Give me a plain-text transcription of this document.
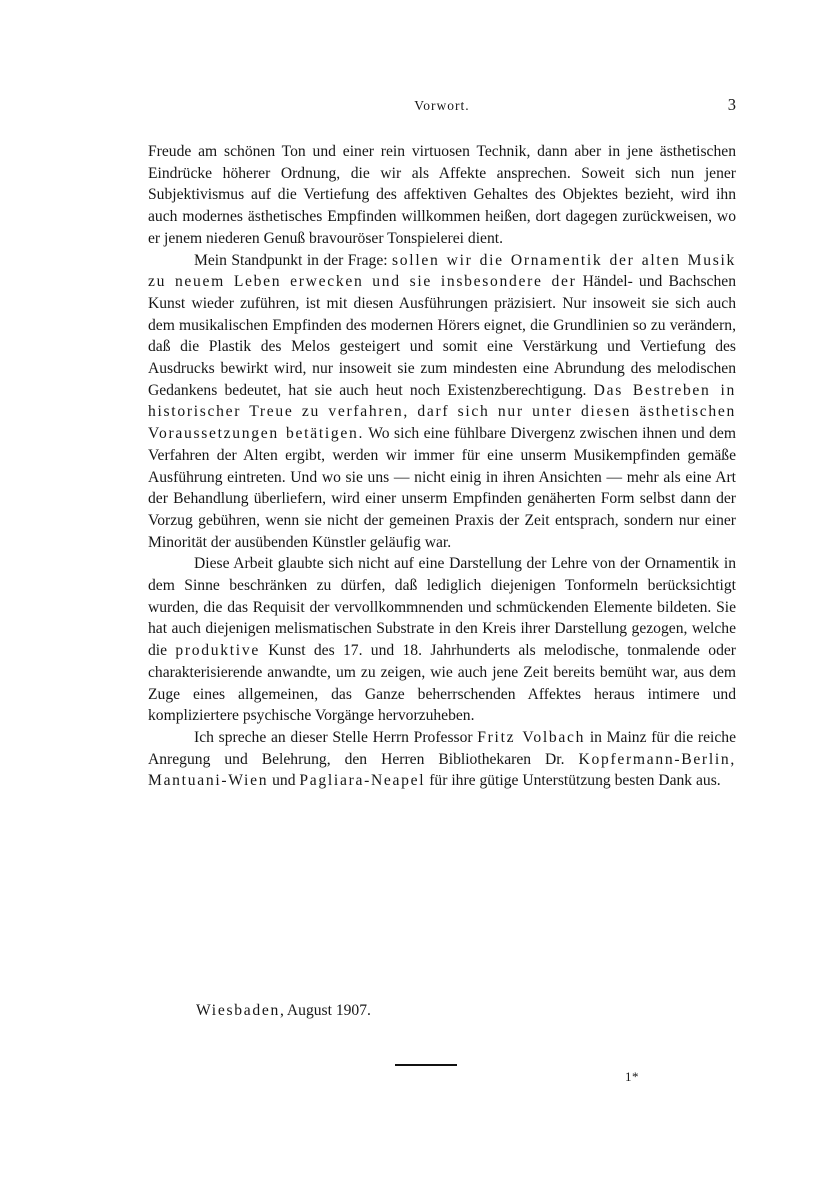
Vorwort.	3

Freude am schönen Ton und einer rein virtuosen Technik, dann aber in jene ästhetischen Eindrücke höherer Ordnung, die wir als Affekte ansprechen. Soweit sich nun jener Subjektivismus auf die Vertiefung des affektiven Gehaltes des Objektes bezieht, wird ihn auch modernes ästhetisches Empfinden willkommen heißen, dort dagegen zurückweisen, wo er jenem niederen Genuß bravouröser Tonspielerei dient.

Mein Standpunkt in der Frage: sollen wir die Ornamentik der alten Musik zu neuem Leben erwecken und sie insbesondere der Händel- und Bachschen Kunst wieder zuführen, ist mit diesen Ausführungen präzisiert. Nur insoweit sie sich auch dem musikalischen Empfinden des modernen Hörers eignet, die Grundlinien so zu verändern, daß die Plastik des Melos gesteigert und somit eine Verstärkung und Vertiefung des Ausdrucks bewirkt wird, nur insoweit sie zum mindesten eine Abrundung des melodischen Gedankens bedeutet, hat sie auch heut noch Existenzberechtigung. Das Bestreben in historischer Treue zu verfahren, darf sich nur unter diesen ästhetischen Voraussetzungen betätigen. Wo sich eine fühlbare Divergenz zwischen ihnen und dem Verfahren der Alten ergibt, werden wir immer für eine unserm Musikempfinden gemäße Ausführung eintreten. Und wo sie uns — nicht einig in ihren Ansichten — mehr als eine Art der Behandlung überliefern, wird einer unserm Empfinden genäherten Form selbst dann der Vorzug gebühren, wenn sie nicht der gemeinen Praxis der Zeit entsprach, sondern nur einer Minorität der ausübenden Künstler geläufig war.

Diese Arbeit glaubte sich nicht auf eine Darstellung der Lehre von der Ornamentik in dem Sinne beschränken zu dürfen, daß lediglich diejenigen Tonformeln berücksichtigt wurden, die das Requisit der vervollkommnenden und schmückenden Elemente bildeten. Sie hat auch diejenigen melismatischen Substrate in den Kreis ihrer Darstellung gezogen, welche die produktive Kunst des 17. und 18. Jahrhunderts als melodische, tonmalende oder charakterisierende anwandte, um zu zeigen, wie auch jene Zeit bereits bemüht war, aus dem Zuge eines allgemeinen, das Ganze beherrschenden Affektes heraus intimere und kompliziertere psychische Vorgänge hervorzuheben.

Ich spreche an dieser Stelle Herrn Professor Fritz Volbach in Mainz für die reiche Anregung und Belehrung, den Herren Bibliothekaren Dr. Kopfermann-Berlin, Mantuani-Wien und Pagliara-Neapel für ihre gütige Unterstützung besten Dank aus.

Wiesbaden, August 1907.

1*
